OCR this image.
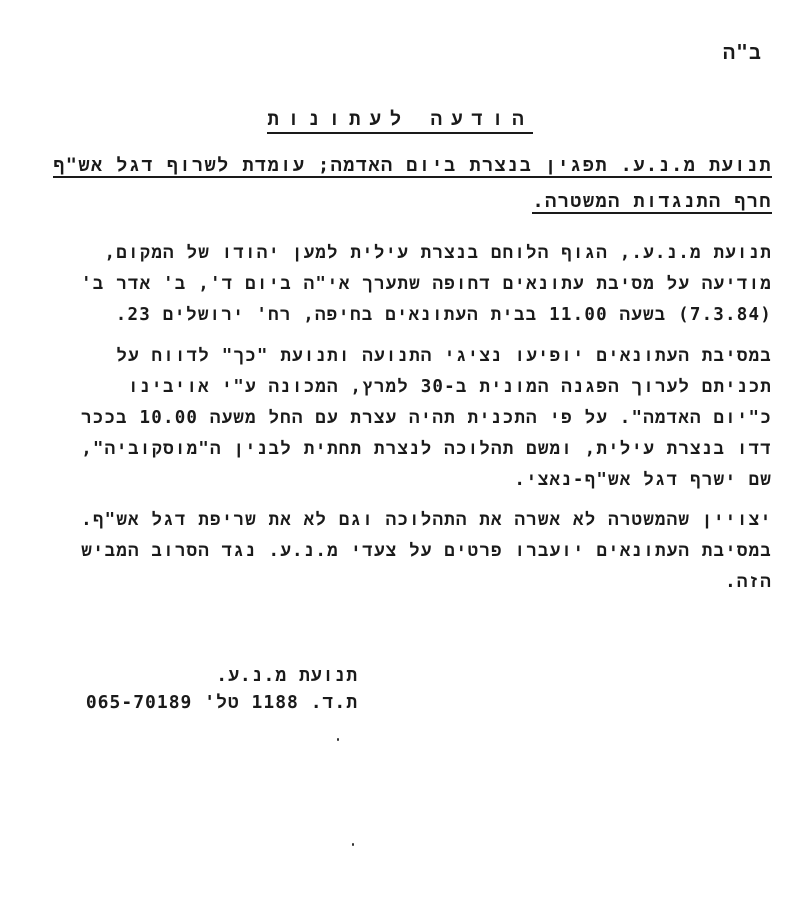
ב"ה
הודעה לעתונות
תנועת מ.נ.ע. תפגין בנצרת ביום האדמה; עומדת לשרוף דגל אש"ף
חרף התנגדות המשטרה.
תנועת מ.נ.ע., הגוף הלוחם בנצרת עילית למען יהודו של המקום,
מודיעה על מסיבת עתונאים דחופה שתערך אי"ה ביום ד', ב' אדר ב'
(7.3.84) בשעה 11.00 בבית העתונאים בחיפה, רח' ירושלים 23.
במסיבת העתונאים יופיעו נציגי התנועה ותנועת "כך" לדווח על
תכניתם לערוך הפגנה המונית ב-30 למרץ, המכונה ע"י אויבינו
כ"יום האדמה". על פי התכנית תהיה עצרת עם החל משעה 10.00 בככר
דדו בנצרת עילית, ומשם תהלוכה לנצרת תחתית לבנין ה"מוסקוביה",
שם ישרף דגל אש"ף-נאצי.
יצויין שהמשטרה לא אשרה את התהלוכה וגם לא את שריפת דגל אש"ף.
במסיבת העתונאים יועברו פרטים על צעדי מ.נ.ע. נגד הסרוב המביש
הזה.
תנועת מ.נ.ע.
ת.ד. 1188 טל' 065-70189
